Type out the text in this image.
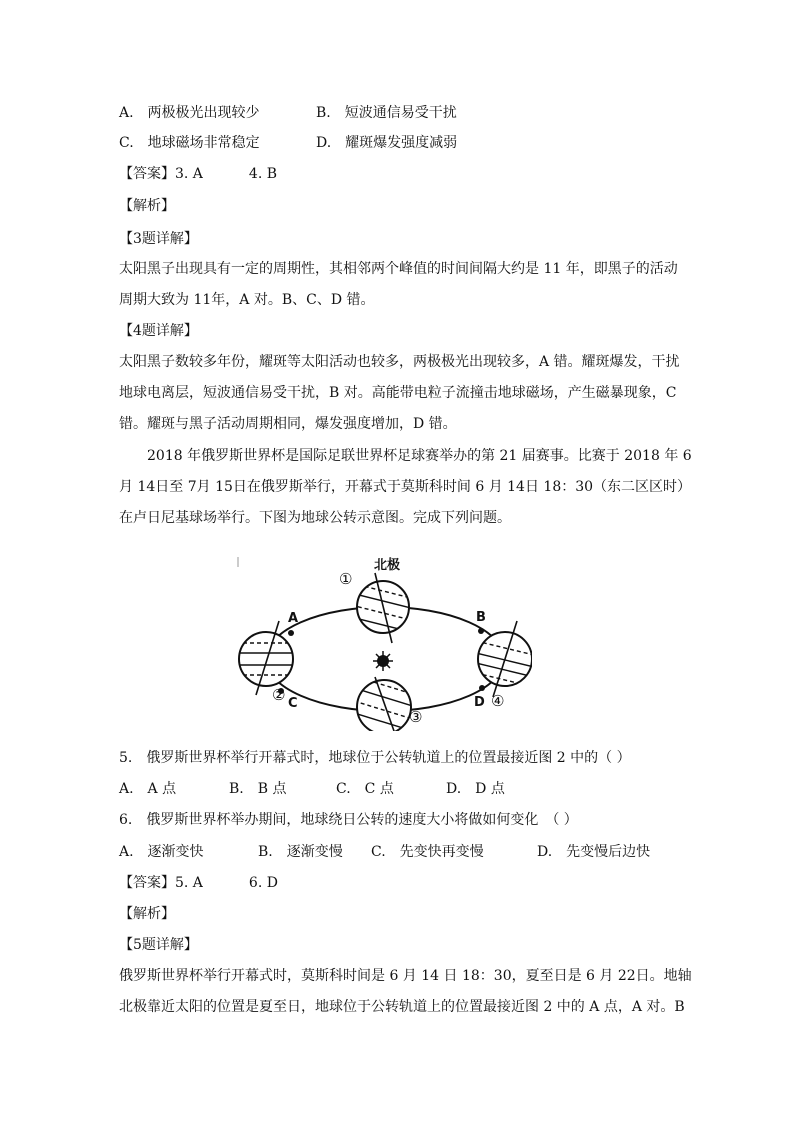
A.　两极极光出现较少	B.　短波通信易受干扰
C.　地球磁场非常稳定	D.　耀斑爆发强度减弱
【答案】3. A	4. B
【解析】
【3题详解】
太阳黑子出现具有一定的周期性，其相邻两个峰值的时间间隔大约是 11 年，即黑子的活动
周期大致为 11年，A 对。B、C、D 错。
【4题详解】
太阳黑子数较多年份，耀斑等太阳活动也较多，两极极光出现较多，A 错。耀斑爆发，干扰
地球电离层，短波通信易受干扰，B 对。高能带电粒子流撞击地球磁场，产生磁暴现象，C
错。耀斑与黑子活动周期相同，爆发强度增加，D 错。
2018 年俄罗斯世界杯是国际足联世界杯足球赛举办的第 21 届赛事。比赛于 2018 年 6
月 14日至 7月 15日在俄罗斯举行，开幕式于莫斯科时间 6 月 14日 18：30（东二区区时）
在卢日尼基球场举行。下图为地球公转示意图。完成下列问题。
北极
A	B
C	D
①
②
③
④
5.　俄罗斯世界杯举行开幕式时，地球位于公转轨道上的位置最接近图 2 中的（ ）
A.　A 点	B.　B 点	C.　C 点	D.　D 点
6.　俄罗斯世界杯举办期间，地球绕日公转的速度大小将做如何变化　（ ）
A.　逐渐变快	B.　逐渐变慢 C.　先变快再变慢	D.　先变慢后边快
【答案】5. A	6. D
【解析】
【5题详解】
俄罗斯世界杯举行开幕式时，莫斯科时间是 6 月 14 日 18：30，夏至日是 6 月 22日。地轴
北极靠近太阳的位置是夏至日，地球位于公转轨道上的位置最接近图 2 中的 A 点，A 对。B
